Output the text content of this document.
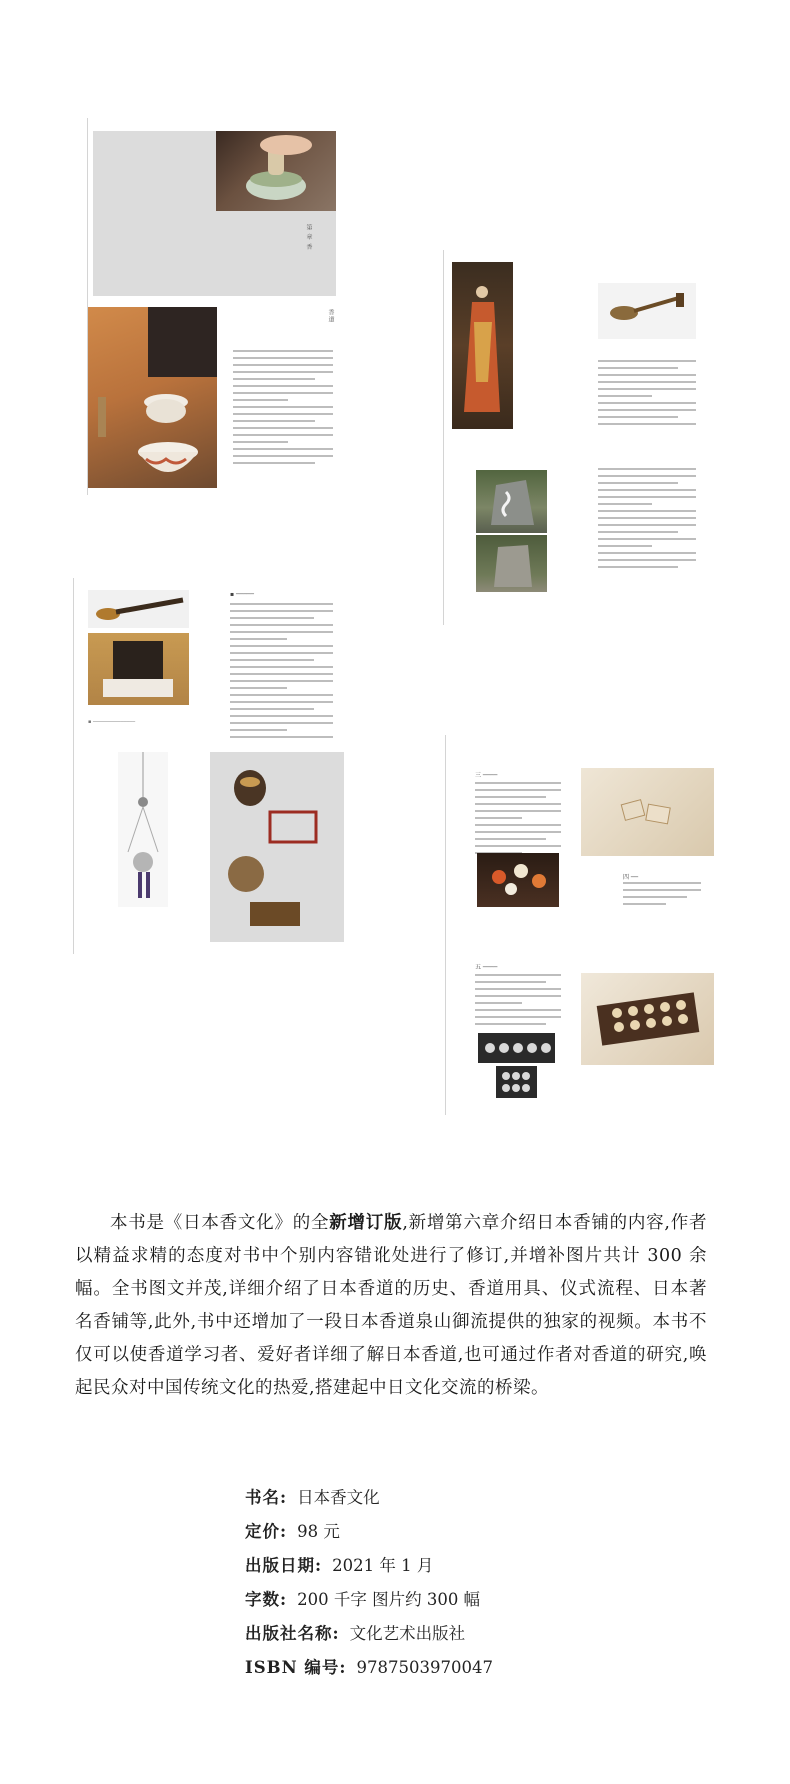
第 章 香
香道
▪ ──────────────
▪ ─────
三 ────
四 ──
五 ────

本书是《日本香文化》的全新增订版,新增第六章介绍日本香铺的内容,作者以精益求精的态度对书中个别内容错讹处进行了修订,并增补图片共计 300 余幅。全书图文并茂,详细介绍了日本香道的历史、香道用具、仪式流程、日本著名香铺等,此外,书中还增加了一段日本香道泉山御流提供的独家的视频。本书不仅可以使香道学习者、爱好者详细了解日本香道,也可通过作者对香道的研究,唤起民众对中国传统文化的热爱,搭建起中日文化交流的桥梁。

书名: 日本香文化
定价: 98 元
出版日期: 2021 年 1 月
字数: 200 千字 图片约 300 幅
出版社名称: 文化艺术出版社
ISBN 编号: 9787503970047
